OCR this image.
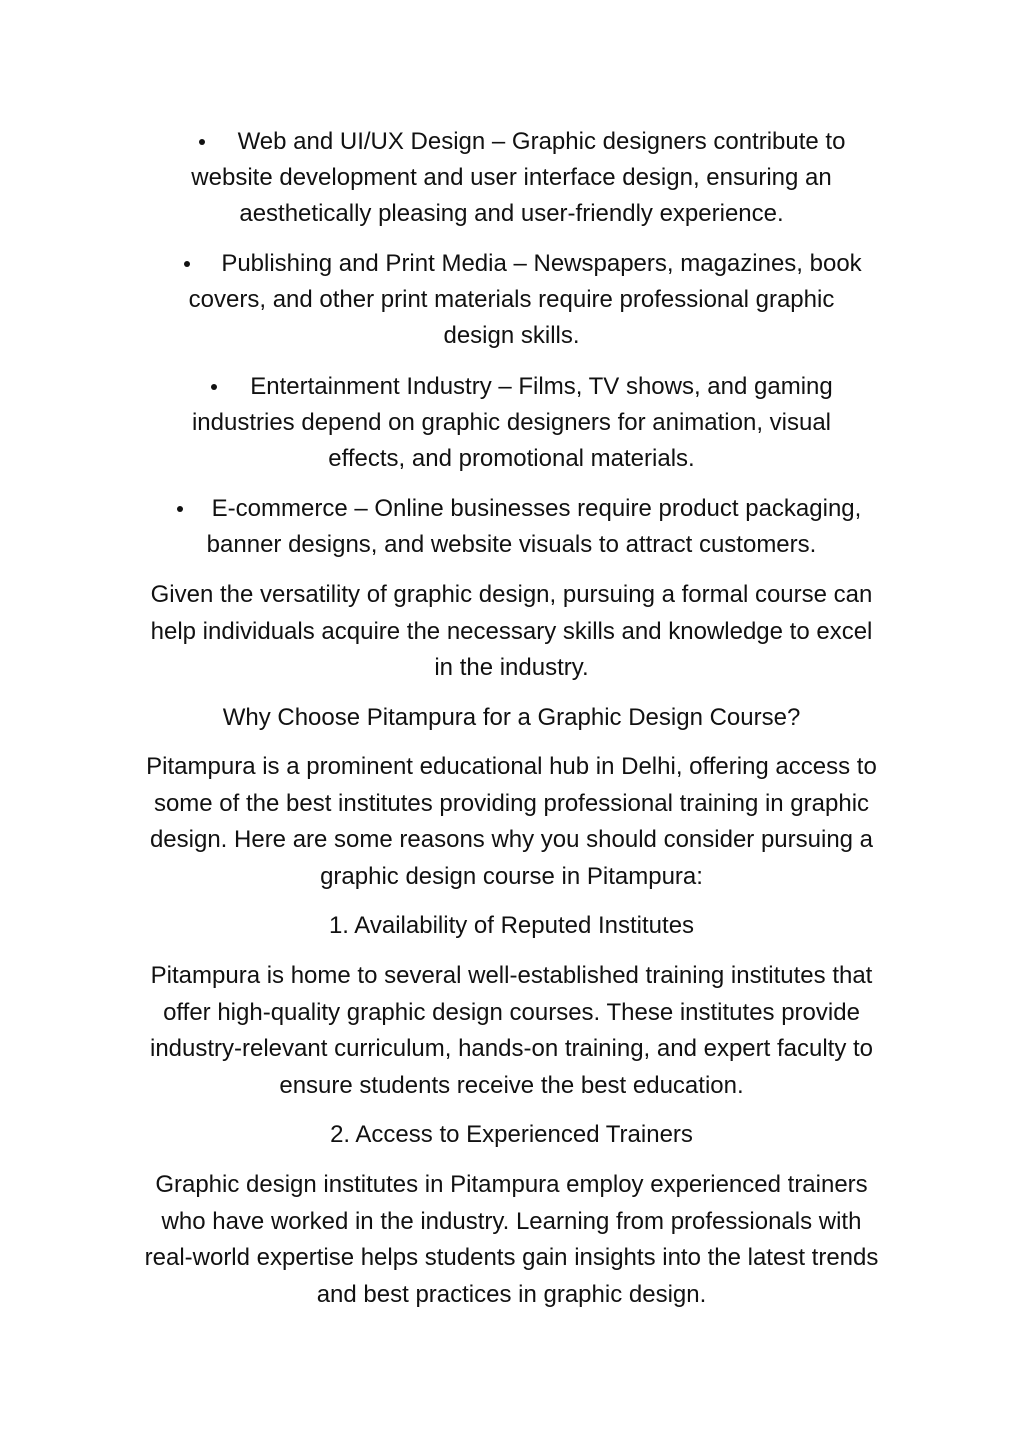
Web and UI/UX Design – Graphic designers contribute to
website development and user interface design, ensuring an
aesthetically pleasing and user-friendly experience.
Publishing and Print Media – Newspapers, magazines, book
covers, and other print materials require professional graphic
design skills.
Entertainment Industry – Films, TV shows, and gaming
industries depend on graphic designers for animation, visual
effects, and promotional materials.
E-commerce – Online businesses require product packaging,
banner designs, and website visuals to attract customers.
Given the versatility of graphic design, pursuing a formal course can
help individuals acquire the necessary skills and knowledge to excel
in the industry.
Why Choose Pitampura for a Graphic Design Course?
Pitampura is a prominent educational hub in Delhi, offering access to
some of the best institutes providing professional training in graphic
design. Here are some reasons why you should consider pursuing a
graphic design course in Pitampura:
1. Availability of Reputed Institutes
Pitampura is home to several well-established training institutes that
offer high-quality graphic design courses. These institutes provide
industry-relevant curriculum, hands-on training, and expert faculty to
ensure students receive the best education.
2. Access to Experienced Trainers
Graphic design institutes in Pitampura employ experienced trainers
who have worked in the industry. Learning from professionals with
real-world expertise helps students gain insights into the latest trends
and best practices in graphic design.
